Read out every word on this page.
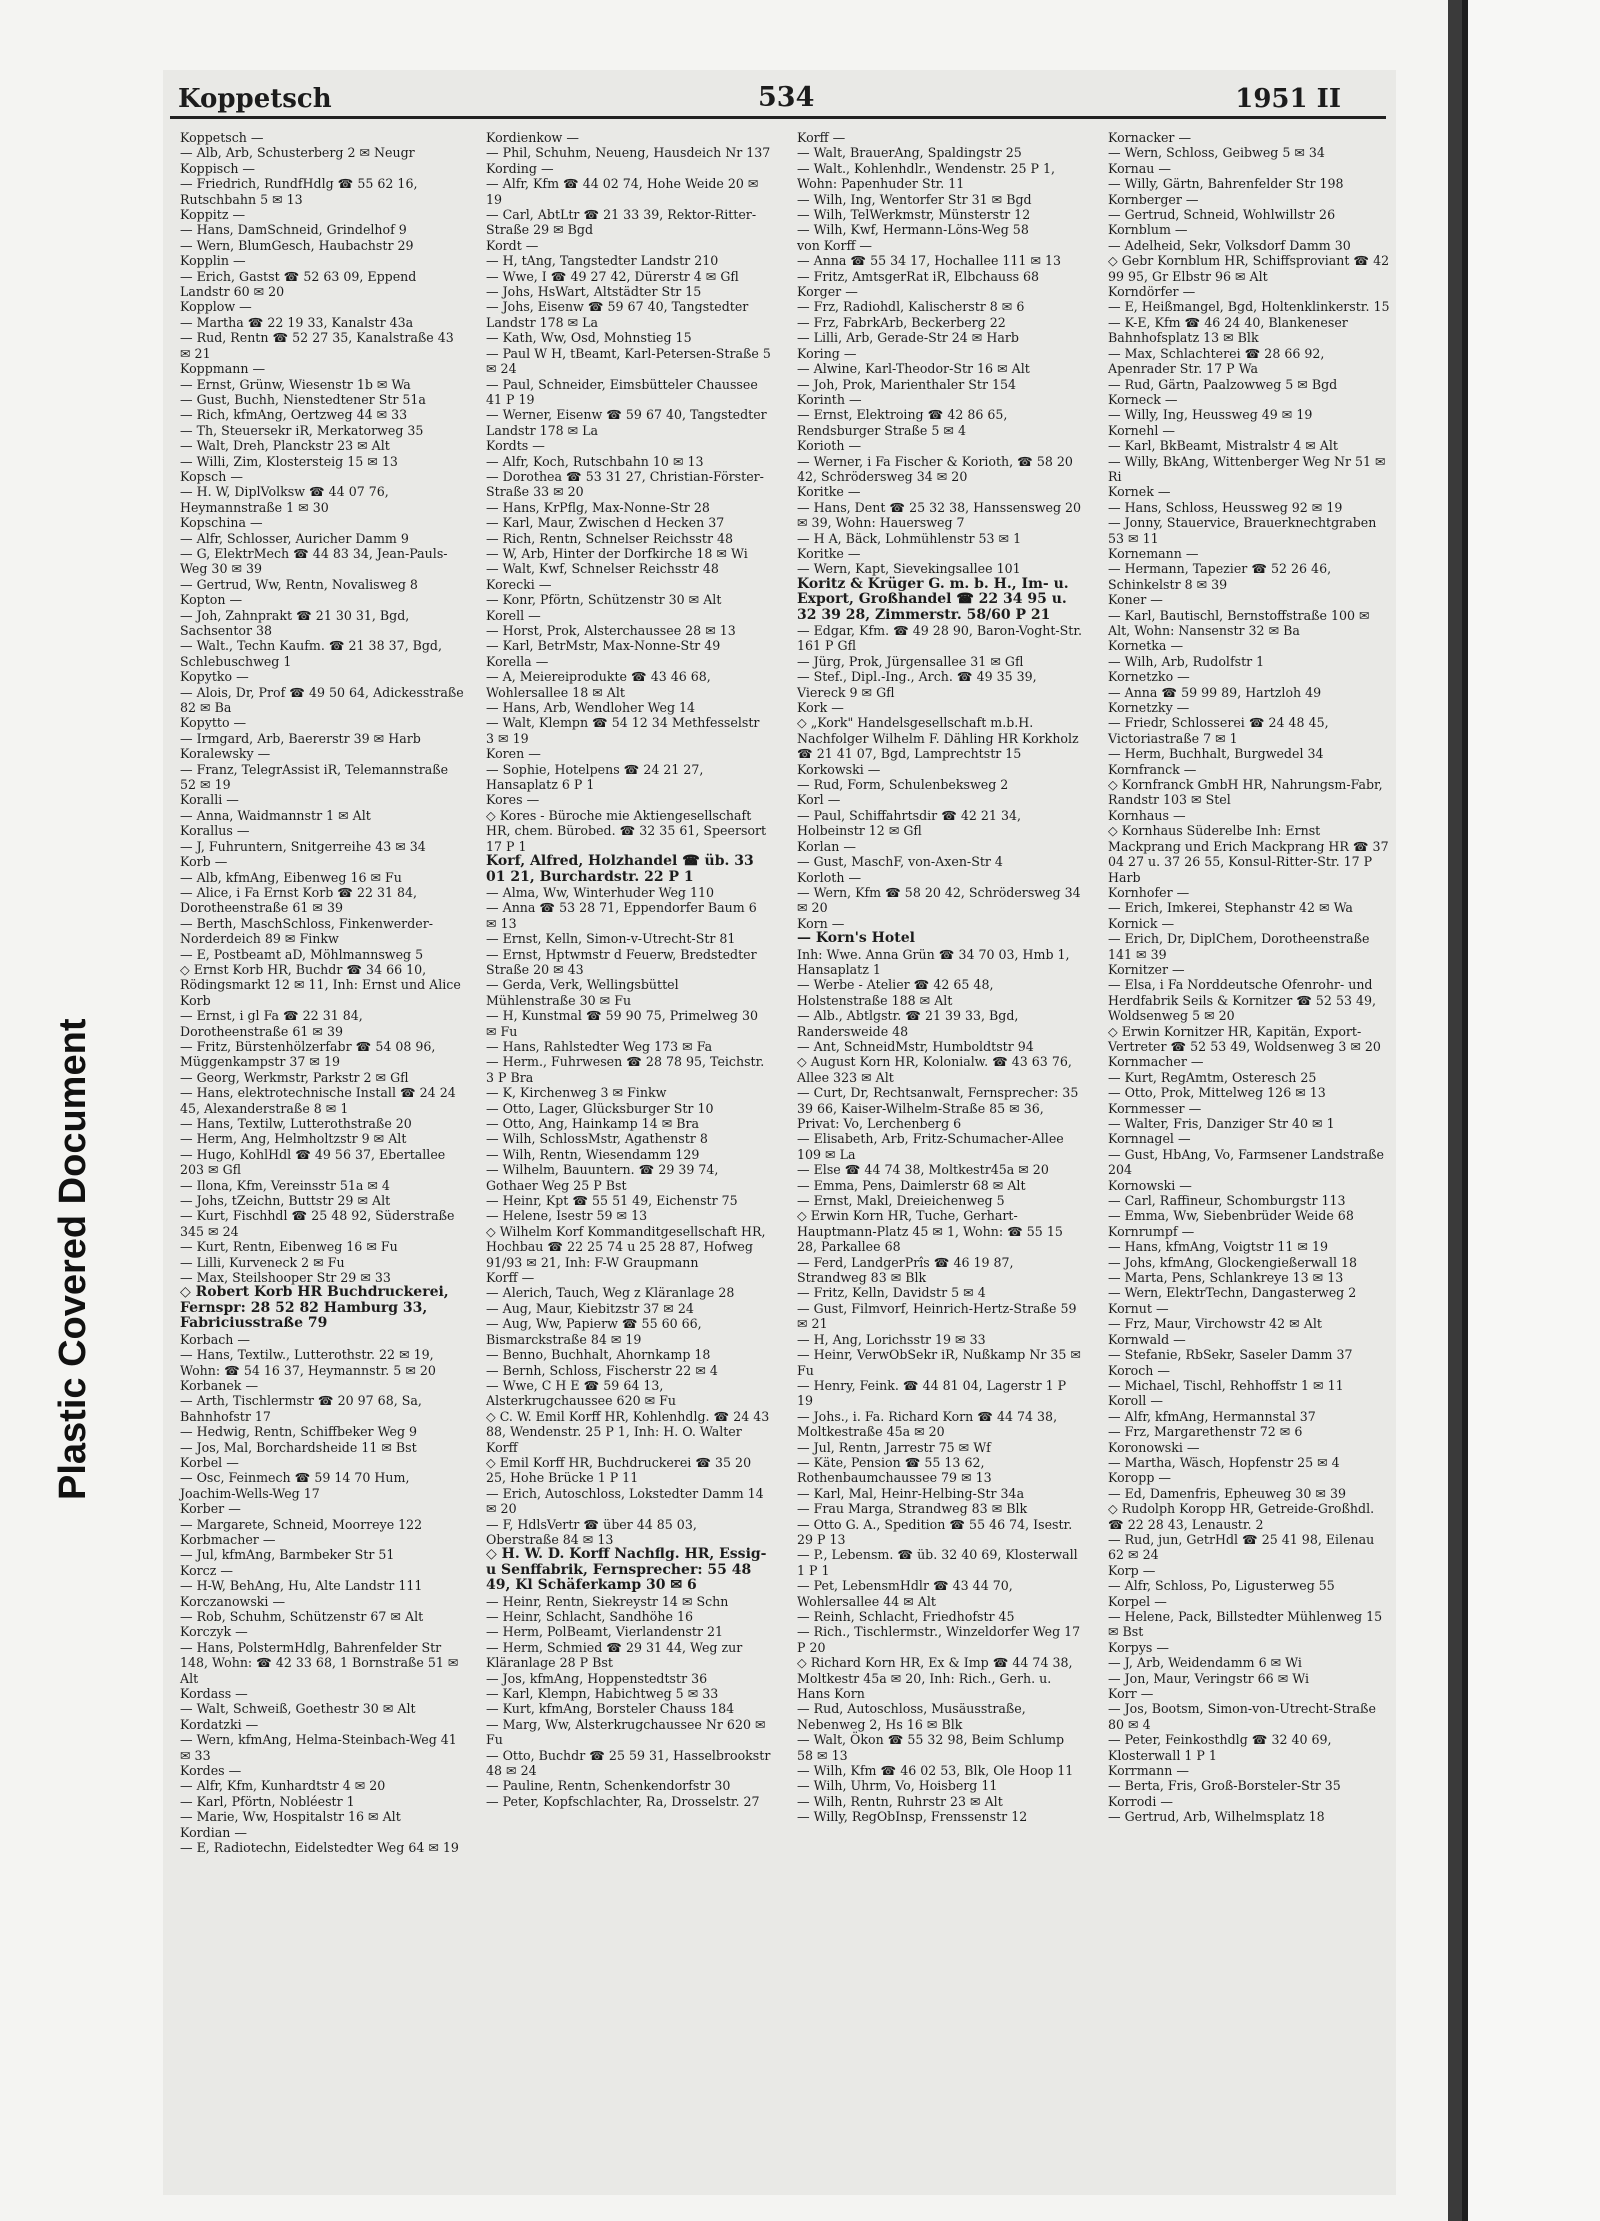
Plastic Covered Document
Koppetsch	534	1951 II
Koppetsch —
— Alb, Arb, Schusterberg 2 ✉ Neugr
Koppisch —
— Friedrich, RundfHdlg ☎ 55 62 16, Rutschbahn 5 ✉ 13
Koppitz —
— Hans, DamSchneid, Grindelhof 9
— Wern, BlumGesch, Haubachstr 29
Kopplin —
— Erich, Gastst ☎ 52 63 09, Eppend Landstr 60 ✉ 20
Kopplow —
— Martha ☎ 22 19 33, Kanalstr 43a
— Rud, Rentn ☎ 52 27 35, Kanalstraße 43 ✉ 21
Koppmann —
— Ernst, Grünw, Wiesenstr 1b ✉ Wa
— Gust, Buchh, Nienstedtener Str 51a
— Rich, kfmAng, Oertzweg 44 ✉ 33
— Th, Steuersekr iR, Merkatorweg 35
— Walt, Dreh, Planckstr 23 ✉ Alt
— Willi, Zim, Klostersteig 15 ✉ 13
Kopsch —
— H. W, DiplVolksw ☎ 44 07 76, Heymannstraße 1 ✉ 30
Kopschina —
— Alfr, Schlosser, Auricher Damm 9
— G, ElektrMech ☎ 44 83 34, Jean-Pauls-Weg 30 ✉ 39
— Gertrud, Ww, Rentn, Novalisweg 8
Kopton —
— Joh, Zahnprakt ☎ 21 30 31, Bgd, Sachsentor 38
— Walt., Techn Kaufm. ☎ 21 38 37, Bgd, Schlebuschweg 1
Kopytko —
— Alois, Dr, Prof ☎ 49 50 64, Adickesstraße 82 ✉ Ba
Kopytto —
— Irmgard, Arb, Baererstr 39 ✉ Harb
Koralewsky —
— Franz, TelegrAssist iR, Telemannstraße 52 ✉ 19
Koralli —
— Anna, Waidmannstr 1 ✉ Alt
Korallus —
— J, Fuhruntern, Snitgerreihe 43 ✉ 34
Korb —
— Alb, kfmAng, Eibenweg 16 ✉ Fu
— Alice, i Fa Ernst Korb ☎ 22 31 84, Dorotheenstraße 61 ✉ 39
— Berth, MaschSchloss, Finkenwerder-Norderdeich 89 ✉ Finkw
— E, Postbeamt aD, Möhlmannsweg 5
◇ Ernst Korb HR, Buchdr ☎ 34 66 10, Rödingsmarkt 12 ✉ 11, Inh: Ernst und Alice Korb
— Ernst, i gl Fa ☎ 22 31 84, Dorotheenstraße 61 ✉ 39
— Fritz, Bürstenhölzerfabr ☎ 54 08 96, Müggenkampstr 37 ✉ 19
— Georg, Werkmstr, Parkstr 2 ✉ Gfl
— Hans, elektrotechnische Install ☎ 24 24 45, Alexanderstraße 8 ✉ 1
— Hans, Textilw, Lutterothstraße 20
— Herm, Ang, Helmholtzstr 9 ✉ Alt
— Hugo, KohlHdl ☎ 49 56 37, Ebertallee 203 ✉ Gfl
— Ilona, Kfm, Vereinsstr 51a ✉ 4
— Johs, tZeichn, Buttstr 29 ✉ Alt
— Kurt, Fischhdl ☎ 25 48 92, Süderstraße 345 ✉ 24
— Kurt, Rentn, Eibenweg 16 ✉ Fu
— Lilli, Kurveneck 2 ✉ Fu
— Max, Steilshooper Str 29 ✉ 33
◇ Robert Korb HR Buchdruckerei, Fernspr: 28 52 82 Hamburg 33, Fabriciusstraße 79
Korbach —
— Hans, Textilw., Lutterothstr. 22 ✉ 19, Wohn: ☎ 54 16 37, Heymannstr. 5 ✉ 20
Korbanek —
— Arth, Tischlermstr ☎ 20 97 68, Sa, Bahnhofstr 17
— Hedwig, Rentn, Schiffbeker Weg 9
— Jos, Mal, Borchardsheide 11 ✉ Bst
Korbel —
— Osc, Feinmech ☎ 59 14 70 Hum, Joachim-Wells-Weg 17
Korber —
— Margarete, Schneid, Moorreye 122
Korbmacher —
— Jul, kfmAng, Barmbeker Str 51
Korcz —
— H-W, BehAng, Hu, Alte Landstr 111
Korczanowski —
— Rob, Schuhm, Schützenstr 67 ✉ Alt
Korczyk —
— Hans, PolstermHdlg, Bahrenfelder Str 148, Wohn: ☎ 42 33 68, 1 Bornstraße 51 ✉ Alt
Kordass —
— Walt, Schweiß, Goethestr 30 ✉ Alt
Kordatzki —
— Wern, kfmAng, Helma-Steinbach-Weg 41 ✉ 33
Kordes —
— Alfr, Kfm, Kunhardtstr 4 ✉ 20
— Karl, Pförtn, Nobléestr 1
— Marie, Ww, Hospitalstr 16 ✉ Alt
Kordian —
— E, Radiotechn, Eidelstedter Weg 64 ✉ 19
Kordienkow —
— Phil, Schuhm, Neueng, Hausdeich Nr 137
Kording —
— Alfr, Kfm ☎ 44 02 74, Hohe Weide 20 ✉ 19
— Carl, AbtLtr ☎ 21 33 39, Rektor-Ritter-Straße 29 ✉ Bgd
Kordt —
— H, tAng, Tangstedter Landstr 210
— Wwe, I ☎ 49 27 42, Dürerstr 4 ✉ Gfl
— Johs, HsWart, Altstädter Str 15
— Johs, Eisenw ☎ 59 67 40, Tangstedter Landstr 178 ✉ La
— Kath, Ww, Osd, Mohnstieg 15
— Paul W H, tBeamt, Karl-Petersen-Straße 5 ✉ 24
— Paul, Schneider, Eimsbütteler Chaussee 41 P 19
— Werner, Eisenw ☎ 59 67 40, Tangstedter Landstr 178 ✉ La
Kordts —
— Alfr, Koch, Rutschbahn 10 ✉ 13
— Dorothea ☎ 53 31 27, Christian-Förster-Straße 33 ✉ 20
— Hans, KrPflg, Max-Nonne-Str 28
— Karl, Maur, Zwischen d Hecken 37
— Rich, Rentn, Schnelser Reichsstr 48
— W, Arb, Hinter der Dorfkirche 18 ✉ Wi
— Walt, Kwf, Schnelser Reichsstr 48
Korecki —
— Konr, Pförtn, Schützenstr 30 ✉ Alt
Korell —
— Horst, Prok, Alsterchaussee 28 ✉ 13
— Karl, BetrMstr, Max-Nonne-Str 49
Korella —
— A, Meiereiprodukte ☎ 43 46 68, Wohlersallee 18 ✉ Alt
— Hans, Arb, Wendloher Weg 14
— Walt, Klempn ☎ 54 12 34 Methfesselstr 3 ✉ 19
Koren —
— Sophie, Hotelpens ☎ 24 21 27, Hansaplatz 6 P 1
Kores —
◇ Kores - Büroche mie Aktiengesellschaft HR, chem. Bürobed. ☎ 32 35 61, Speersort 17 P 1
Korf, Alfred, Holzhandel ☎ üb. 33 01 21, Burchardstr. 22 P 1
— Alma, Ww, Winterhuder Weg 110
— Anna ☎ 53 28 71, Eppendorfer Baum 6 ✉ 13
— Ernst, Kelln, Simon-v-Utrecht-Str 81
— Ernst, Hptwmstr d Feuerw, Bredstedter Straße 20 ✉ 43
— Gerda, Verk, Wellingsbüttel Mühlenstraße 30 ✉ Fu
— H, Kunstmal ☎ 59 90 75, Primelweg 30 ✉ Fu
— Hans, Rahlstedter Weg 173 ✉ Fa
— Herm., Fuhrwesen ☎ 28 78 95, Teichstr. 3 P Bra
— K, Kirchenweg 3 ✉ Finkw
— Otto, Lager, Glücksburger Str 10
— Otto, Ang, Hainkamp 14 ✉ Bra
— Wilh, SchlossMstr, Agathenstr 8
— Wilh, Rentn, Wiesendamm 129
— Wilhelm, Bauuntern. ☎ 29 39 74, Gothaer Weg 25 P Bst
— Heinr, Kpt ☎ 55 51 49, Eichenstr 75
— Helene, Isestr 59 ✉ 13
◇ Wilhelm Korf Kommanditgesellschaft HR, Hochbau ☎ 22 25 74 u 25 28 87, Hofweg 91/93 ✉ 21, Inh: F-W Graupmann
Korff —
— Alerich, Tauch, Weg z Kläranlage 28
— Aug, Maur, Kiebitzstr 37 ✉ 24
— Aug, Ww, Papierw ☎ 55 60 66, Bismarckstraße 84 ✉ 19
— Benno, Buchhalt, Ahornkamp 18
— Bernh, Schloss, Fischerstr 22 ✉ 4
— Wwe, C H E ☎ 59 64 13, Alsterkrugchaussee 620 ✉ Fu
◇ C. W. Emil Korff HR, Kohlenhdlg. ☎ 24 43 88, Wendenstr. 25 P 1, Inh: H. O. Walter Korff
◇ Emil Korff HR, Buchdruckerei ☎ 35 20 25, Hohe Brücke 1 P 11
— Erich, Autoschloss, Lokstedter Damm 14 ✉ 20
— F, HdlsVertr ☎ über 44 85 03, Oberstraße 84 ✉ 13
◇ H. W. D. Korff Nachflg. HR, Essig- u Senffabrik, Fernsprecher: 55 48 49, Kl Schäferkamp 30 ✉ 6
— Heinr, Rentn, Siekreystr 14 ✉ Schn
— Heinr, Schlacht, Sandhöhe 16
— Herm, PolBeamt, Vierlandenstr 21
— Herm, Schmied ☎ 29 31 44, Weg zur Kläranlage 28 P Bst
— Jos, kfmAng, Hoppenstedtstr 36
— Karl, Klempn, Habichtweg 5 ✉ 33
— Kurt, kfmAng, Borsteler Chauss 184
— Marg, Ww, Alsterkrugchaussee Nr 620 ✉ Fu
— Otto, Buchdr ☎ 25 59 31, Hasselbrookstr 48 ✉ 24
— Pauline, Rentn, Schenkendorfstr 30
— Peter, Kopfschlachter, Ra, Drosselstr. 27
Korff —
— Walt, BrauerAng, Spaldingstr 25
— Walt., Kohlenhdlr., Wendenstr. 25 P 1, Wohn: Papenhuder Str. 11
— Wilh, Ing, Wentorfer Str 31 ✉ Bgd
— Wilh, TelWerkmstr, Münsterstr 12
— Wilh, Kwf, Hermann-Löns-Weg 58
von Korff —
— Anna ☎ 55 34 17, Hochallee 111 ✉ 13
— Fritz, AmtsgerRat iR, Elbchauss 68
Korger —
— Frz, Radiohdl, Kalischerstr 8 ✉ 6
— Frz, FabrkArb, Beckerberg 22
— Lilli, Arb, Gerade-Str 24 ✉ Harb
Koring —
— Alwine, Karl-Theodor-Str 16 ✉ Alt
— Joh, Prok, Marienthaler Str 154
Korinth —
— Ernst, Elektroing ☎ 42 86 65, Rendsburger Straße 5 ✉ 4
Korioth —
— Werner, i Fa Fischer & Korioth, ☎ 58 20 42, Schrödersweg 34 ✉ 20
Koritke —
— Hans, Dent ☎ 25 32 38, Hanssensweg 20 ✉ 39, Wohn: Hauersweg 7
— H A, Bäck, Lohmühlenstr 53 ✉ 1
Koritke —
— Wern, Kapt, Sievekingsallee 101
Koritz & Krüger G. m. b. H., Im- u. Export, Großhandel ☎ 22 34 95 u. 32 39 28, Zimmerstr. 58/60 P 21
— Edgar, Kfm. ☎ 49 28 90, Baron-Voght-Str. 161 P Gfl
— Jürg, Prok, Jürgensallee 31 ✉ Gfl
— Stef., Dipl.-Ing., Arch. ☎ 49 35 39, Viereck 9 ✉ Gfl
Kork —
◇ „Kork" Handelsgesellschaft m.b.H. Nachfolger Wilhelm F. Dähling HR Korkholz ☎ 21 41 07, Bgd, Lamprechtstr 15
Korkowski —
— Rud, Form, Schulenbeksweg 2
Korl —
— Paul, Schiffahrtsdir ☎ 42 21 34, Holbeinstr 12 ✉ Gfl
Korlan —
— Gust, MaschF, von-Axen-Str 4
Korloth —
— Wern, Kfm ☎ 58 20 42, Schrödersweg 34 ✉ 20
Korn —
— Korn's Hotel
Inh: Wwe. Anna Grün ☎ 34 70 03, Hmb 1, Hansaplatz 1
— Werbe - Atelier ☎ 42 65 48, Holstenstraße 188 ✉ Alt
— Alb., Abtlgstr. ☎ 21 39 33, Bgd, Randersweide 48
— Ant, SchneidMstr, Humboldtstr 94
◇ August Korn HR, Kolonialw. ☎ 43 63 76, Allee 323 ✉ Alt
— Curt, Dr, Rechtsanwalt, Fernsprecher: 35 39 66, Kaiser-Wilhelm-Straße 85 ✉ 36, Privat: Vo, Lerchenberg 6
— Elisabeth, Arb, Fritz-Schumacher-Allee 109 ✉ La
— Else ☎ 44 74 38, Moltkestr45a ✉ 20
— Emma, Pens, Daimlerstr 68 ✉ Alt
— Ernst, Makl, Dreieichenweg 5
◇ Erwin Korn HR, Tuche, Gerhart-Hauptmann-Platz 45 ✉ 1, Wohn: ☎ 55 15 28, Parkallee 68
— Ferd, LandgerPrîs ☎ 46 19 87, Strandweg 83 ✉ Blk
— Fritz, Kelln, Davidstr 5 ✉ 4
— Gust, Filmvorf, Heinrich-Hertz-Straße 59 ✉ 21
— H, Ang, Lorichsstr 19 ✉ 33
— Heinr, VerwObSekr iR, Nußkamp Nr 35 ✉ Fu
— Henry, Feink. ☎ 44 81 04, Lagerstr 1 P 19
— Johs., i. Fa. Richard Korn ☎ 44 74 38, Moltkestraße 45a ✉ 20
— Jul, Rentn, Jarrestr 75 ✉ Wf
— Käte, Pension ☎ 55 13 62, Rothenbaumchaussee 79 ✉ 13
— Karl, Mal, Heinr-Helbing-Str 34a
— Frau Marga, Strandweg 83 ✉ Blk
— Otto G. A., Spedition ☎ 55 46 74, Isestr. 29 P 13
— P., Lebensm. ☎ üb. 32 40 69, Klosterwall 1 P 1
— Pet, LebensmHdlr ☎ 43 44 70, Wohlersallee 44 ✉ Alt
— Reinh, Schlacht, Friedhofstr 45
— Rich., Tischlermstr., Winzeldorfer Weg 17 P 20
◇ Richard Korn HR, Ex & Imp ☎ 44 74 38, Moltkestr 45a ✉ 20, Inh: Rich., Gerh. u. Hans Korn
— Rud, Autoschloss, Musäusstraße, Nebenweg 2, Hs 16 ✉ Blk
— Walt, Ökon ☎ 55 32 98, Beim Schlump 58 ✉ 13
— Wilh, Kfm ☎ 46 02 53, Blk, Ole Hoop 11
— Wilh, Uhrm, Vo, Hoisberg 11
— Wilh, Rentn, Ruhrstr 23 ✉ Alt
— Willy, RegObInsp, Frenssenstr 12
Kornacker —
— Wern, Schloss, Geibweg 5 ✉ 34
Kornau —
— Willy, Gärtn, Bahrenfelder Str 198
Kornberger —
— Gertrud, Schneid, Wohlwillstr 26
Kornblum —
— Adelheid, Sekr, Volksdorf Damm 30
◇ Gebr Kornblum HR, Schiffsproviant ☎ 42 99 95, Gr Elbstr 96 ✉ Alt
Korndörfer —
— E, Heißmangel, Bgd, Holtenklinkerstr. 15
— K-E, Kfm ☎ 46 24 40, Blankeneser Bahnhofsplatz 13 ✉ Blk
— Max, Schlachterei ☎ 28 66 92, Apenrader Str. 17 P Wa
— Rud, Gärtn, Paalzowweg 5 ✉ Bgd
Korneck —
— Willy, Ing, Heussweg 49 ✉ 19
Kornehl —
— Karl, BkBeamt, Mistralstr 4 ✉ Alt
— Willy, BkAng, Wittenberger Weg Nr 51 ✉ Ri
Kornek —
— Hans, Schloss, Heussweg 92 ✉ 19
— Jonny, Stauervice, Brauerknechtgraben 53 ✉ 11
Kornemann —
— Hermann, Tapezier ☎ 52 26 46, Schinkelstr 8 ✉ 39
Koner —
— Karl, Bautischl, Bernstoffstraße 100 ✉ Alt, Wohn: Nansenstr 32 ✉ Ba
Kornetka —
— Wilh, Arb, Rudolfstr 1
Kornetzko —
— Anna ☎ 59 99 89, Hartzloh 49
Kornetzky —
— Friedr, Schlosserei ☎ 24 48 45, Victoriastraße 7 ✉ 1
— Herm, Buchhalt, Burgwedel 34
Kornfranck —
◇ Kornfranck GmbH HR, Nahrungsm-Fabr, Randstr 103 ✉ Stel
Kornhaus —
◇ Kornhaus Süderelbe Inh: Ernst Mackprang und Erich Mackprang HR ☎ 37 04 27 u. 37 26 55, Konsul-Ritter-Str. 17 P Harb
Kornhofer —
— Erich, Imkerei, Stephanstr 42 ✉ Wa
Kornick —
— Erich, Dr, DiplChem, Dorotheenstraße 141 ✉ 39
Kornitzer —
— Elsa, i Fa Norddeutsche Ofenrohr- und Herdfabrik Seils & Kornitzer ☎ 52 53 49, Woldsenweg 5 ✉ 20
◇ Erwin Kornitzer HR, Kapitän, Export-Vertreter ☎ 52 53 49, Woldsenweg 3 ✉ 20
Kornmacher —
— Kurt, RegAmtm, Osteresch 25
— Otto, Prok, Mittelweg 126 ✉ 13
Kornmesser —
— Walter, Fris, Danziger Str 40 ✉ 1
Kornnagel —
— Gust, HbAng, Vo, Farmsener Landstraße 204
Kornowski —
— Carl, Raffineur, Schomburgstr 113
— Emma, Ww, Siebenbrüder Weide 68
Kornrumpf —
— Hans, kfmAng, Voigtstr 11 ✉ 19
— Johs, kfmAng, Glockengießerwall 18
— Marta, Pens, Schlankreye 13 ✉ 13
— Wern, ElektrTechn, Dangasterweg 2
Kornut —
— Frz, Maur, Virchowstr 42 ✉ Alt
Kornwald —
— Stefanie, RbSekr, Saseler Damm 37
Koroch —
— Michael, Tischl, Rehhoffstr 1 ✉ 11
Koroll —
— Alfr, kfmAng, Hermannstal 37
— Frz, Margarethenstr 72 ✉ 6
Koronowski —
— Martha, Wäsch, Hopfenstr 25 ✉ 4
Koropp —
— Ed, Damenfris, Epheuweg 30 ✉ 39
◇ Rudolph Koropp HR, Getreide-Großhdl. ☎ 22 28 43, Lenaustr. 2
— Rud, jun, GetrHdl ☎ 25 41 98, Eilenau 62 ✉ 24
Korp —
— Alfr, Schloss, Po, Ligusterweg 55
Korpel —
— Helene, Pack, Billstedter Mühlenweg 15 ✉ Bst
Korpys —
— J, Arb, Weidendamm 6 ✉ Wi
— Jon, Maur, Veringstr 66 ✉ Wi
Korr —
— Jos, Bootsm, Simon-von-Utrecht-Straße 80 ✉ 4
— Peter, Feinkosthdlg ☎ 32 40 69, Klosterwall 1 P 1
Korrmann —
— Berta, Fris, Groß-Borsteler-Str 35
Korrodi —
— Gertrud, Arb, Wilhelmsplatz 18
